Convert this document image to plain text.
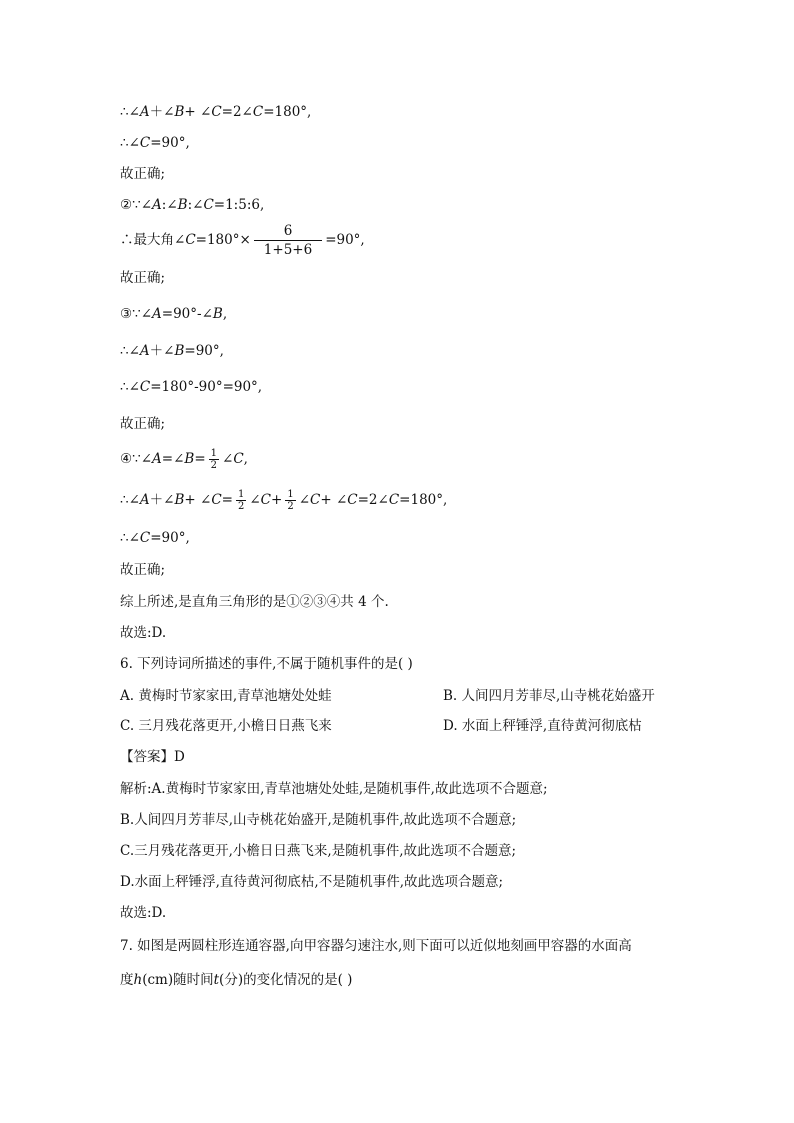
∴∠A＋∠B+ ∠C=2∠C=180°,
∴∠C=90°,
故正确;
②∵∠A:∠B:∠C=1:5:6,
∴最大角∠C=180°× $\frac{6}{1+5+6} =90^\circ$,
故正确;
③∵∠A=90°-∠B,
∴∠A＋∠B=90°,
∴∠C=180°-90°=90°,
故正确;
④∵∠A=∠B= $\frac{1}{2}$ ∠C,
∴∠A＋∠B+ ∠C= $\frac{1}{2}$ ∠C+ $\frac{1}{2}$ ∠C+ ∠C=2∠C=180°,
∴∠C=90°,
故正确;
综上所述,是直角三角形的是①②③④共 4 个.
故选:D.
6. 下列诗词所描述的事件,不属于随机事件的是( )
A. 黄梅时节家家田,青草池塘处处蛙	B. 人间四月芳菲尽,山寺桃花始盛开
C. 三月残花落更开,小檐日日燕飞来	D. 水面上秤锤浮,直待黄河彻底枯
【答案】D
解析:A.黄梅时节家家田,青草池塘处处蛙,是随机事件,故此选项不合题意;
B.人间四月芳菲尽,山寺桃花始盛开,是随机事件,故此选项不合题意;
C.三月残花落更开,小檐日日燕飞来,是随机事件,故此选项不合题意;
D.水面上秤锤浮,直待黄河彻底枯,不是随机事件,故此选项合题意;
故选:D.
7. 如图是两圆柱形连通容器,向甲容器匀速注水,则下面可以近似地刻画甲容器的水面高
度h(cm)随时间t(分)的变化情况的是( )
